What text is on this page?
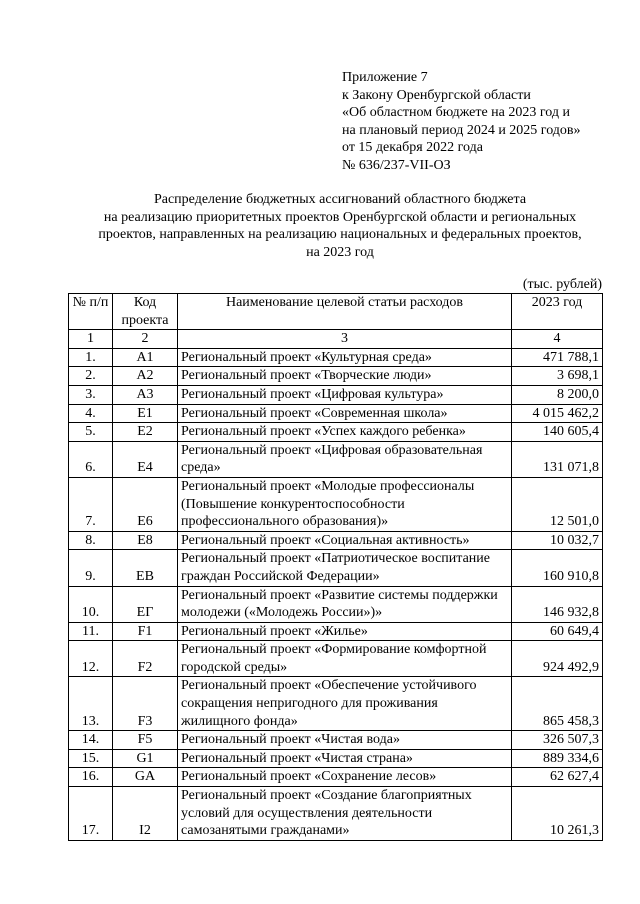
Приложение 7
к Закону Оренбургской области
«Об областном бюджете на 2023 год и
на плановый период 2024 и 2025 годов»
от 15 декабря 2022 года
№ 636/237-VII-ОЗ
Распределение бюджетных ассигнований областного бюджета
на реализацию приоритетных проектов Оренбургской области и региональных
проектов, направленных на реализацию национальных и федеральных проектов,
на 2023 год
(тыс. рублей)
№ п/п	Код проекта	Наименование целевой статьи расходов	2023 год
1	2	3	4
1.	A1	Региональный проект «Культурная среда»	471 788,1
2.	A2	Региональный проект «Творческие люди»	3 698,1
3.	A3	Региональный проект «Цифровая культура»	8 200,0
4.	E1	Региональный проект «Современная школа»	4 015 462,2
5.	E2	Региональный проект «Успех каждого ребенка»	140 605,4
6.	E4	Региональный проект «Цифровая образовательная среда»	131 071,8
7.	E6	Региональный проект «Молодые профессионалы (Повышение конкурентоспособности профессионального образования)»	12 501,0
8.	E8	Региональный проект «Социальная активность»	10 032,7
9.	EB	Региональный проект «Патриотическое воспитание граждан Российской Федерации»	160 910,8
10.	EГ	Региональный проект «Развитие системы поддержки молодежи («Молодежь России»)»	146 932,8
11.	F1	Региональный проект «Жилье»	60 649,4
12.	F2	Региональный проект «Формирование комфортной городской среды»	924 492,9
13.	F3	Региональный проект «Обеспечение устойчивого сокращения непригодного для проживания жилищного фонда»	865 458,3
14.	F5	Региональный проект «Чистая вода»	326 507,3
15.	G1	Региональный проект «Чистая страна»	889 334,6
16.	GA	Региональный проект «Сохранение лесов»	62 627,4
17.	I2	Региональный проект «Создание благоприятных условий для осуществления деятельности самозанятыми гражданами»	10 261,3
